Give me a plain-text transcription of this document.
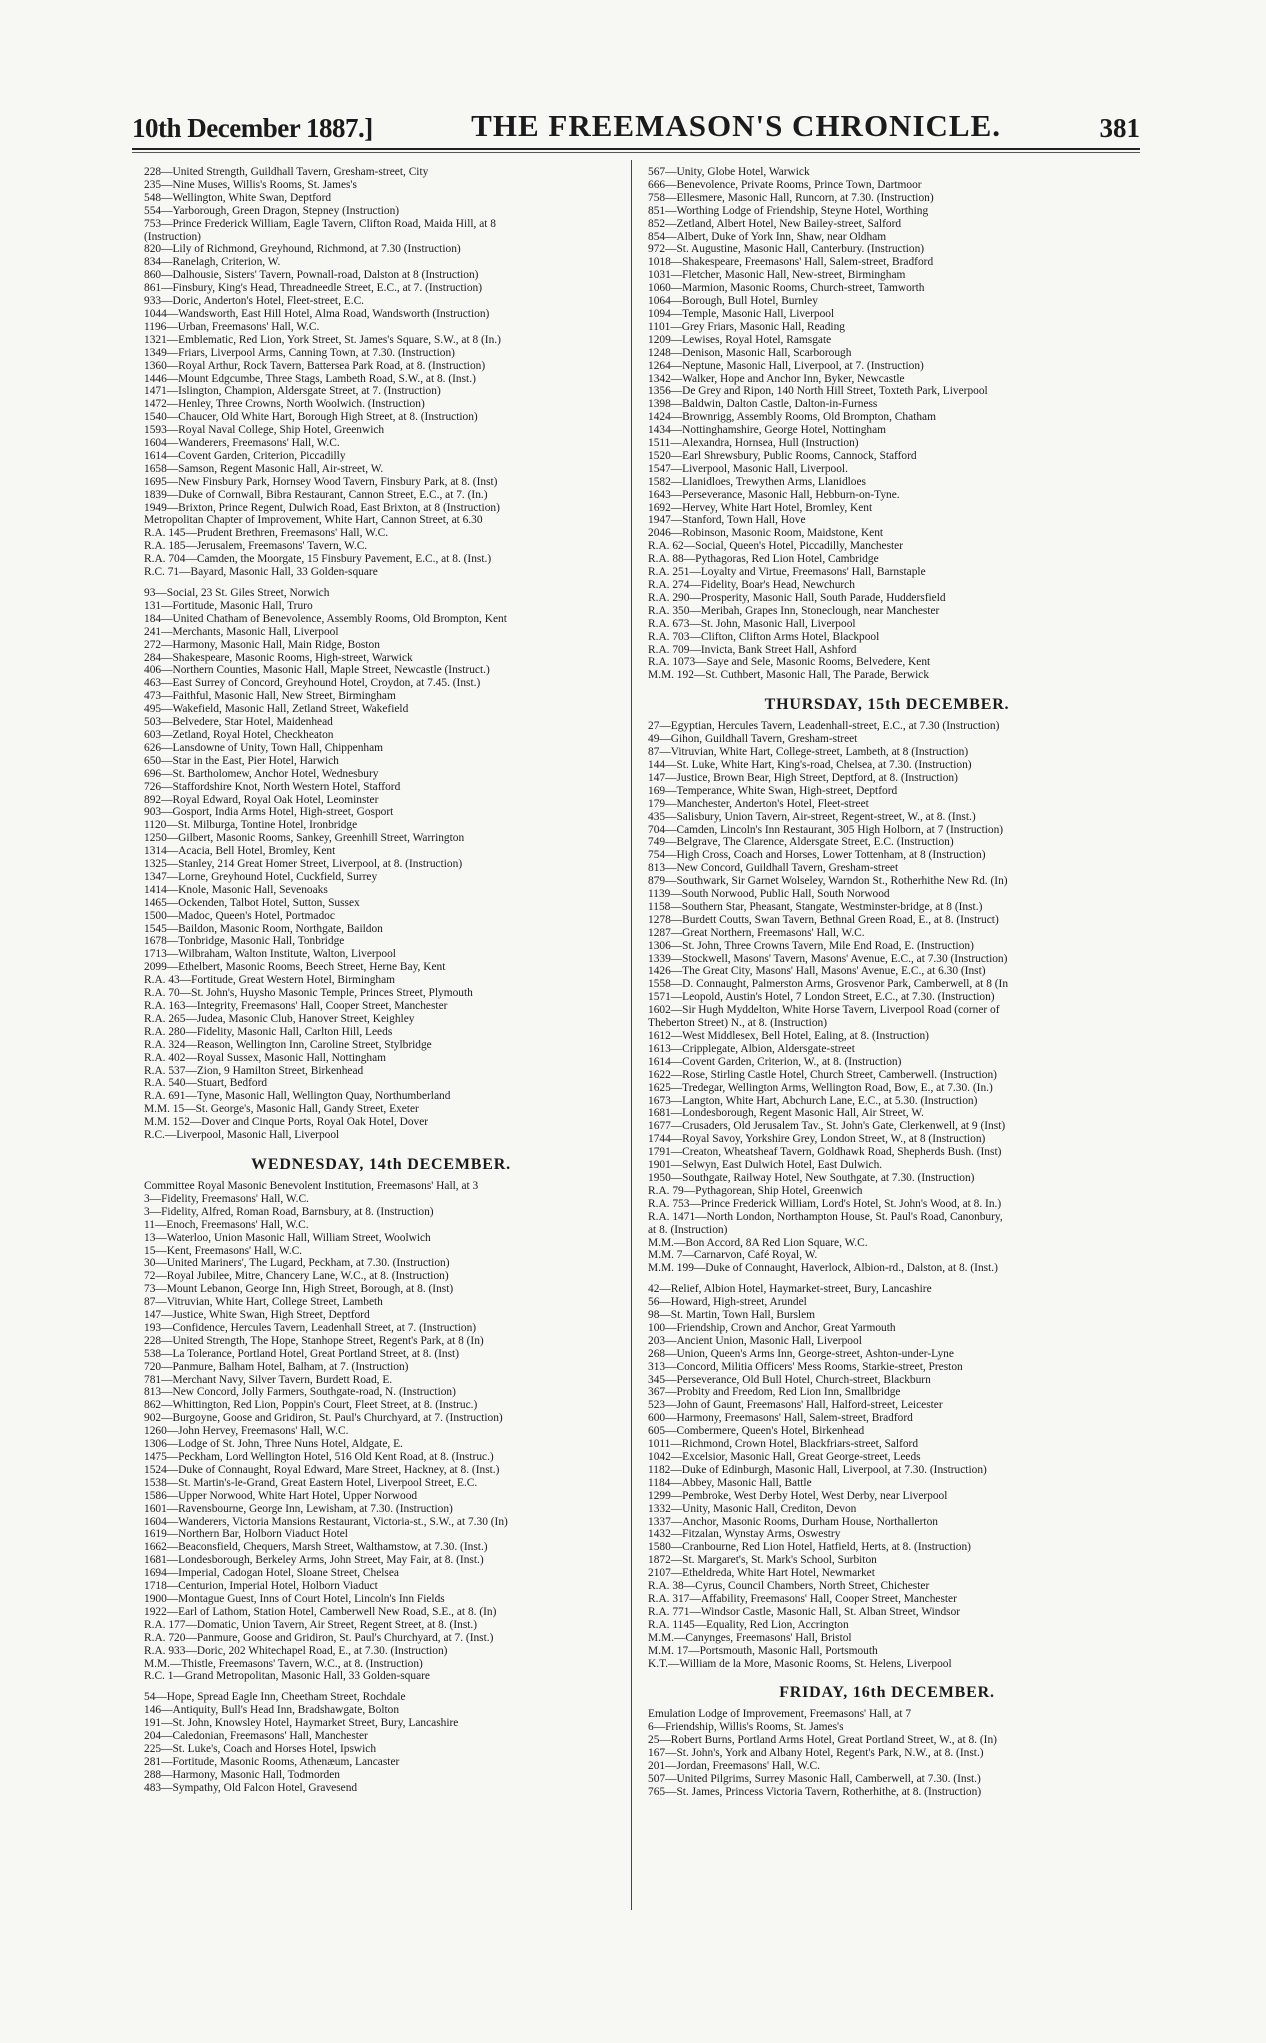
10th December 1887.]	THE FREEMASON'S CHRONICLE.	381
228—United Strength, Guildhall Tavern, Gresham-street, City
235—Nine Muses, Willis's Rooms, St. James's
548—Wellington, White Swan, Deptford
554—Yarborough, Green Dragon, Stepney (Instruction)
753—Prince Frederick William, Eagle Tavern, Clifton Road, Maida Hill, at 8
(Instruction)
820—Lily of Richmond, Greyhound, Richmond, at 7.30 (Instruction)
834—Ranelagh, Criterion, W.
860—Dalhousie, Sisters' Tavern, Pownall-road, Dalston at 8 (Instruction)
861—Finsbury, King's Head, Threadneedle Street, E.C., at 7. (Instruction)
933—Doric, Anderton's Hotel, Fleet-street, E.C.
1044—Wandsworth, East Hill Hotel, Alma Road, Wandsworth (Instruction)
1196—Urban, Freemasons' Hall, W.C.
1321—Emblematic, Red Lion, York Street, St. James's Square, S.W., at 8 (In.)
1349—Friars, Liverpool Arms, Canning Town, at 7.30. (Instruction)
1360—Royal Arthur, Rock Tavern, Battersea Park Road, at 8. (Instruction)
1446—Mount Edgcumbe, Three Stags, Lambeth Road, S.W., at 8. (Inst.)
1471—Islington, Champion, Aldersgate Street, at 7. (Instruction)
1472—Henley, Three Crowns, North Woolwich. (Instruction)
1540—Chaucer, Old White Hart, Borough High Street, at 8. (Instruction)
1593—Royal Naval College, Ship Hotel, Greenwich
1604—Wanderers, Freemasons' Hall, W.C.
1614—Covent Garden, Criterion, Piccadilly
1658—Samson, Regent Masonic Hall, Air-street, W.
1695—New Finsbury Park, Hornsey Wood Tavern, Finsbury Park, at 8. (Inst)
1839—Duke of Cornwall, Bibra Restaurant, Cannon Street, E.C., at 7. (In.)
1949—Brixton, Prince Regent, Dulwich Road, East Brixton, at 8 (Instruction)
Metropolitan Chapter of Improvement, White Hart, Cannon Street, at 6.30
R.A. 145—Prudent Brethren, Freemasons' Hall, W.C.
R.A. 185—Jerusalem, Freemasons' Tavern, W.C.
R.A. 704—Camden, the Moorgate, 15 Finsbury Pavement, E.C., at 8. (Inst.)
R.C. 71—Bayard, Masonic Hall, 33 Golden-square

93—Social, 23 St. Giles Street, Norwich
131—Fortitude, Masonic Hall, Truro
184—United Chatham of Benevolence, Assembly Rooms, Old Brompton, Kent
241—Merchants, Masonic Hall, Liverpool
272—Harmony, Masonic Hall, Main Ridge, Boston
284—Shakespeare, Masonic Rooms, High-street, Warwick
406—Northern Counties, Masonic Hall, Maple Street, Newcastle (Instruct.)
463—East Surrey of Concord, Greyhound Hotel, Croydon, at 7.45. (Inst.)
473—Faithful, Masonic Hall, New Street, Birmingham
495—Wakefield, Masonic Hall, Zetland Street, Wakefield
503—Belvedere, Star Hotel, Maidenhead
603—Zetland, Royal Hotel, Checkheaton
626—Lansdowne of Unity, Town Hall, Chippenham
650—Star in the East, Pier Hotel, Harwich
696—St. Bartholomew, Anchor Hotel, Wednesbury
726—Staffordshire Knot, North Western Hotel, Stafford
892—Royal Edward, Royal Oak Hotel, Leominster
903—Gosport, India Arms Hotel, High-street, Gosport
1120—St. Milburga, Tontine Hotel, Ironbridge
1250—Gilbert, Masonic Rooms, Sankey, Greenhill Street, Warrington
1314—Acacia, Bell Hotel, Bromley, Kent
1325—Stanley, 214 Great Homer Street, Liverpool, at 8. (Instruction)
1347—Lorne, Greyhound Hotel, Cuckfield, Surrey
1414—Knole, Masonic Hall, Sevenoaks
1465—Ockenden, Talbot Hotel, Sutton, Sussex
1500—Madoc, Queen's Hotel, Portmadoc
1545—Baildon, Masonic Room, Northgate, Baildon
1678—Tonbridge, Masonic Hall, Tonbridge
1713—Wilbraham, Walton Institute, Walton, Liverpool
2099—Ethelbert, Masonic Rooms, Beech Street, Herne Bay, Kent
R.A. 43—Fortitude, Great Western Hotel, Birmingham
R.A. 70—St. John's, Huysho Masonic Temple, Princes Street, Plymouth
R.A. 163—Integrity, Freemasons' Hall, Cooper Street, Manchester
R.A. 265—Judea, Masonic Club, Hanover Street, Keighley
R.A. 280—Fidelity, Masonic Hall, Carlton Hill, Leeds
R.A. 324—Reason, Wellington Inn, Caroline Street, Stylbridge
R.A. 402—Royal Sussex, Masonic Hall, Nottingham
R.A. 537—Zion, 9 Hamilton Street, Birkenhead
R.A. 540—Stuart, Bedford
R.A. 691—Tyne, Masonic Hall, Wellington Quay, Northumberland
M.M. 15—St. George's, Masonic Hall, Gandy Street, Exeter
M.M. 152—Dover and Cinque Ports, Royal Oak Hotel, Dover
R.C.—Liverpool, Masonic Hall, Liverpool
WEDNESDAY, 14th DECEMBER.
Committee Royal Masonic Benevolent Institution, Freemasons' Hall, at 3
3—Fidelity, Freemasons' Hall, W.C.
3—Fidelity, Alfred, Roman Road, Barnsbury, at 8. (Instruction)
11—Enoch, Freemasons' Hall, W.C.
13—Waterloo, Union Masonic Hall, William Street, Woolwich
15—Kent, Freemasons' Hall, W.C.
30—United Mariners', The Lugard, Peckham, at 7.30. (Instruction)
72—Royal Jubilee, Mitre, Chancery Lane, W.C., at 8. (Instruction)
73—Mount Lebanon, George Inn, High Street, Borough, at 8. (Inst)
87—Vitruvian, White Hart, College Street, Lambeth
147—Justice, White Swan, High Street, Deptford
193—Confidence, Hercules Tavern, Leadenhall Street, at 7. (Instruction)
228—United Strength, The Hope, Stanhope Street, Regent's Park, at 8 (In)
538—La Tolerance, Portland Hotel, Great Portland Street, at 8. (Inst)
720—Panmure, Balham Hotel, Balham, at 7. (Instruction)
781—Merchant Navy, Silver Tavern, Burdett Road, E.
813—New Concord, Jolly Farmers, Southgate-road, N. (Instruction)
862—Whittington, Red Lion, Poppin's Court, Fleet Street, at 8. (Instruc.)
902—Burgoyne, Goose and Gridiron, St. Paul's Churchyard, at 7. (Instruction)
1260—John Hervey, Freemasons' Hall, W.C.
1306—Lodge of St. John, Three Nuns Hotel, Aldgate, E.
1475—Peckham, Lord Wellington Hotel, 516 Old Kent Road, at 8. (Instruc.)
1524—Duke of Connaught, Royal Edward, Mare Street, Hackney, at 8. (Inst.)
1538—St. Martin's-le-Grand, Great Eastern Hotel, Liverpool Street, E.C.
1586—Upper Norwood, White Hart Hotel, Upper Norwood
1601—Ravensbourne, George Inn, Lewisham, at 7.30. (Instruction)
1604—Wanderers, Victoria Mansions Restaurant, Victoria-st., S.W., at 7.30 (In)
1619—Northern Bar, Holborn Viaduct Hotel
1662—Beaconsfield, Chequers, Marsh Street, Walthamstow, at 7.30. (Inst.)
1681—Londesborough, Berkeley Arms, John Street, May Fair, at 8. (Inst.)
1694—Imperial, Cadogan Hotel, Sloane Street, Chelsea
1718—Centurion, Imperial Hotel, Holborn Viaduct
1900—Montague Guest, Inns of Court Hotel, Lincoln's Inn Fields
1922—Earl of Lathom, Station Hotel, Camberwell New Road, S.E., at 8. (In)
R.A. 177—Domatic, Union Tavern, Air Street, Regent Street, at 8. (Inst.)
R.A. 720—Panmure, Goose and Gridiron, St. Paul's Churchyard, at 7. (Inst.)
R.A. 933—Doric, 202 Whitechapel Road, E., at 7.30. (Instruction)
M.M.—Thistle, Freemasons' Tavern, W.C., at 8. (Instruction)
R.C. 1—Grand Metropolitan, Masonic Hall, 33 Golden-square

54—Hope, Spread Eagle Inn, Cheetham Street, Rochdale
146—Antiquity, Bull's Head Inn, Bradshawgate, Bolton
191—St. John, Knowsley Hotel, Haymarket Street, Bury, Lancashire
204—Caledonian, Freemasons' Hall, Manchester
225—St. Luke's, Coach and Horses Hotel, Ipswich
281—Fortitude, Masonic Rooms, Athenæum, Lancaster
288—Harmony, Masonic Hall, Todmorden
483—Sympathy, Old Falcon Hotel, Gravesend
567—Unity, Globe Hotel, Warwick
666—Benevolence, Private Rooms, Prince Town, Dartmoor
758—Ellesmere, Masonic Hall, Runcorn, at 7.30. (Instruction)
851—Worthing Lodge of Friendship, Steyne Hotel, Worthing
852—Zetland, Albert Hotel, New Bailey-street, Salford
854—Albert, Duke of York Inn, Shaw, near Oldham
972—St. Augustine, Masonic Hall, Canterbury. (Instruction)
1018—Shakespeare, Freemasons' Hall, Salem-street, Bradford
1031—Fletcher, Masonic Hall, New-street, Birmingham
1060—Marmion, Masonic Rooms, Church-street, Tamworth
1064—Borough, Bull Hotel, Burnley
1094—Temple, Masonic Hall, Liverpool
1101—Grey Friars, Masonic Hall, Reading
1209—Lewises, Royal Hotel, Ramsgate
1248—Denison, Masonic Hall, Scarborough
1264—Neptune, Masonic Hall, Liverpool, at 7. (Instruction)
1342—Walker, Hope and Anchor Inn, Byker, Newcastle
1356—De Grey and Ripon, 140 North Hill Street, Toxteth Park, Liverpool
1398—Baldwin, Dalton Castle, Dalton-in-Furness
1424—Brownrigg, Assembly Rooms, Old Brompton, Chatham
1434—Nottinghamshire, George Hotel, Nottingham
1511—Alexandra, Hornsea, Hull (Instruction)
1520—Earl Shrewsbury, Public Rooms, Cannock, Stafford
1547—Liverpool, Masonic Hall, Liverpool.
1582—Llanidloes, Trewythen Arms, Llanidloes
1643—Perseverance, Masonic Hall, Hebburn-on-Tyne.
1692—Hervey, White Hart Hotel, Bromley, Kent
1947—Stanford, Town Hall, Hove
2046—Robinson, Masonic Room, Maidstone, Kent
R.A. 62—Social, Queen's Hotel, Piccadilly, Manchester
R.A. 88—Pythagoras, Red Lion Hotel, Cambridge
R.A. 251—Loyalty and Virtue, Freemasons' Hall, Barnstaple
R.A. 274—Fidelity, Boar's Head, Newchurch
R.A. 290—Prosperity, Masonic Hall, South Parade, Huddersfield
R.A. 350—Meribah, Grapes Inn, Stoneclough, near Manchester
R.A. 673—St. John, Masonic Hall, Liverpool
R.A. 703—Clifton, Clifton Arms Hotel, Blackpool
R.A. 709—Invicta, Bank Street Hall, Ashford
R.A. 1073—Saye and Sele, Masonic Rooms, Belvedere, Kent
M.M. 192—St. Cuthbert, Masonic Hall, The Parade, Berwick
THURSDAY, 15th DECEMBER.
27—Egyptian, Hercules Tavern, Leadenhall-street, E.C., at 7.30 (Instruction)
49—Gihon, Guildhall Tavern, Gresham-street
87—Vitruvian, White Hart, College-street, Lambeth, at 8 (Instruction)
144—St. Luke, White Hart, King's-road, Chelsea, at 7.30. (Instruction)
147—Justice, Brown Bear, High Street, Deptford, at 8. (Instruction)
169—Temperance, White Swan, High-street, Deptford
179—Manchester, Anderton's Hotel, Fleet-street
435—Salisbury, Union Tavern, Air-street, Regent-street, W., at 8. (Inst.)
704—Camden, Lincoln's Inn Restaurant, 305 High Holborn, at 7 (Instruction)
749—Belgrave, The Clarence, Aldersgate Street, E.C. (Instruction)
754—High Cross, Coach and Horses, Lower Tottenham, at 8 (Instruction)
813—New Concord, Guildhall Tavern, Gresham-street
879—Southwark, Sir Garnet Wolseley, Warndon St., Rotherhithe New Rd. (In)
1139—South Norwood, Public Hall, South Norwood
1158—Southern Star, Pheasant, Stangate, Westminster-bridge, at 8 (Inst.)
1278—Burdett Coutts, Swan Tavern, Bethnal Green Road, E., at 8. (Instruct)
1287—Great Northern, Freemasons' Hall, W.C.
1306—St. John, Three Crowns Tavern, Mile End Road, E. (Instruction)
1339—Stockwell, Masons' Tavern, Masons' Avenue, E.C., at 7.30 (Instruction)
1426—The Great City, Masons' Hall, Masons' Avenue, E.C., at 6.30 (Inst)
1558—D. Connaught, Palmerston Arms, Grosvenor Park, Camberwell, at 8 (In
1571—Leopold, Austin's Hotel, 7 London Street, E.C., at 7.30. (Instruction)
1602—Sir Hugh Myddelton, White Horse Tavern, Liverpool Road (corner of
Theberton Street) N., at 8. (Instruction)
1612—West Middlesex, Bell Hotel, Ealing, at 8. (Instruction)
1613—Cripplegate, Albion, Aldersgate-street
1614—Covent Garden, Criterion, W., at 8. (Instruction)
1622—Rose, Stirling Castle Hotel, Church Street, Camberwell. (Instruction)
1625—Tredegar, Wellington Arms, Wellington Road, Bow, E., at 7.30. (In.)
1673—Langton, White Hart, Abchurch Lane, E.C., at 5.30. (Instruction)
1681—Londesborough, Regent Masonic Hall, Air Street, W.
1677—Crusaders, Old Jerusalem Tav., St. John's Gate, Clerkenwell, at 9 (Inst)
1744—Royal Savoy, Yorkshire Grey, London Street, W., at 8 (Instruction)
1791—Creaton, Wheatsheaf Tavern, Goldhawk Road, Shepherds Bush. (Inst)
1901—Selwyn, East Dulwich Hotel, East Dulwich.
1950—Southgate, Railway Hotel, New Southgate, at 7.30. (Instruction)
R.A. 79—Pythagorean, Ship Hotel, Greenwich
R.A. 753—Prince Frederick William, Lord's Hotel, St. John's Wood, at 8. In.)
R.A. 1471—North London, Northampton House, St. Paul's Road, Canonbury,
at 8. (Instruction)
M.M.—Bon Accord, 8A Red Lion Square, W.C.
M.M. 7—Carnarvon, Café Royal, W.
M.M. 199—Duke of Connaught, Haverlock, Albion-rd., Dalston, at 8. (Inst.)

42—Relief, Albion Hotel, Haymarket-street, Bury, Lancashire
56—Howard, High-street, Arundel
98—St. Martin, Town Hall, Burslem
100—Friendship, Crown and Anchor, Great Yarmouth
203—Ancient Union, Masonic Hall, Liverpool
268—Union, Queen's Arms Inn, George-street, Ashton-under-Lyne
313—Concord, Militia Officers' Mess Rooms, Starkie-street, Preston
345—Perseverance, Old Bull Hotel, Church-street, Blackburn
367—Probity and Freedom, Red Lion Inn, Smallbridge
523—John of Gaunt, Freemasons' Hall, Halford-street, Leicester
600—Harmony, Freemasons' Hall, Salem-street, Bradford
605—Combermere, Queen's Hotel, Birkenhead
1011—Richmond, Crown Hotel, Blackfriars-street, Salford
1042—Excelsior, Masonic Hall, Great George-street, Leeds
1182—Duke of Edinburgh, Masonic Hall, Liverpool, at 7.30. (Instruction)
1184—Abbey, Masonic Hall, Battle
1299—Pembroke, West Derby Hotel, West Derby, near Liverpool
1332—Unity, Masonic Hall, Crediton, Devon
1337—Anchor, Masonic Rooms, Durham House, Northallerton
1432—Fitzalan, Wynstay Arms, Oswestry
1580—Cranbourne, Red Lion Hotel, Hatfield, Herts, at 8. (Instruction)
1872—St. Margaret's, St. Mark's School, Surbiton
2107—Etheldreda, White Hart Hotel, Newmarket
R.A. 38—Cyrus, Council Chambers, North Street, Chichester
R.A. 317—Affability, Freemasons' Hall, Cooper Street, Manchester
R.A. 771—Windsor Castle, Masonic Hall, St. Alban Street, Windsor
R.A. 1145—Equality, Red Lion, Accrington
M.M.—Canynges, Freemasons' Hall, Bristol
M.M. 17—Portsmouth, Masonic Hall, Portsmouth
K.T.—William de la More, Masonic Rooms, St. Helens, Liverpool
FRIDAY, 16th DECEMBER.
Emulation Lodge of Improvement, Freemasons' Hall, at 7
6—Friendship, Willis's Rooms, St. James's
25—Robert Burns, Portland Arms Hotel, Great Portland Street, W., at 8. (In)
167—St. John's, York and Albany Hotel, Regent's Park, N.W., at 8. (Inst.)
201—Jordan, Freemasons' Hall, W.C.
507—United Pilgrims, Surrey Masonic Hall, Camberwell, at 7.30. (Inst.)
765—St. James, Princess Victoria Tavern, Rotherhithe, at 8. (Instruction)
